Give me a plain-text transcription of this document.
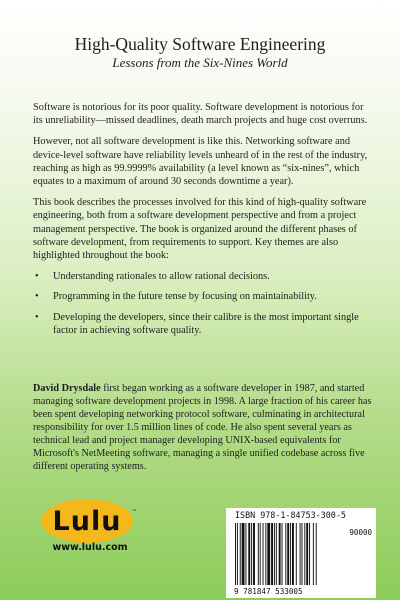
High-Quality Software Engineering
Lessons from the Six-Nines World

Software is notorious for its poor quality. Software development is notorious for its unreliability—missed deadlines, death march projects and huge cost overruns.

However, not all software development is like this. Networking software and device-level software have reliability levels unheard of in the rest of the industry, reaching as high as 99.9999% availability (a level known as “six-nines”, which equates to a maximum of around 30 seconds downtime a year).

This book describes the processes involved for this kind of high-quality software engineering, both from a software development perspective and from a project management perspective. The book is organized around the different phases of software development, from requirements to support. Key themes are also highlighted throughout the book:

• Understanding rationales to allow rational decisions.
• Programming in the future tense by focusing on maintainability.
• Developing the developers, since their calibre is the most important single factor in achieving software quality.
David Drysdale first began working as a software developer in 1987, and started managing software development projects in 1998. A large fraction of his career has been spent developing networking protocol software, culminating in architectural responsibility for over 1.5 million lines of code. He also spent several years as technical lead and project manager developing UNIX-based equivalents for Microsoft's NetMeeting software, managing a single unified codebase across five different operating systems.
Lulu	™
www.lulu.com
ISBN 978-1-84753-300-5
90000
9 781847 533005
